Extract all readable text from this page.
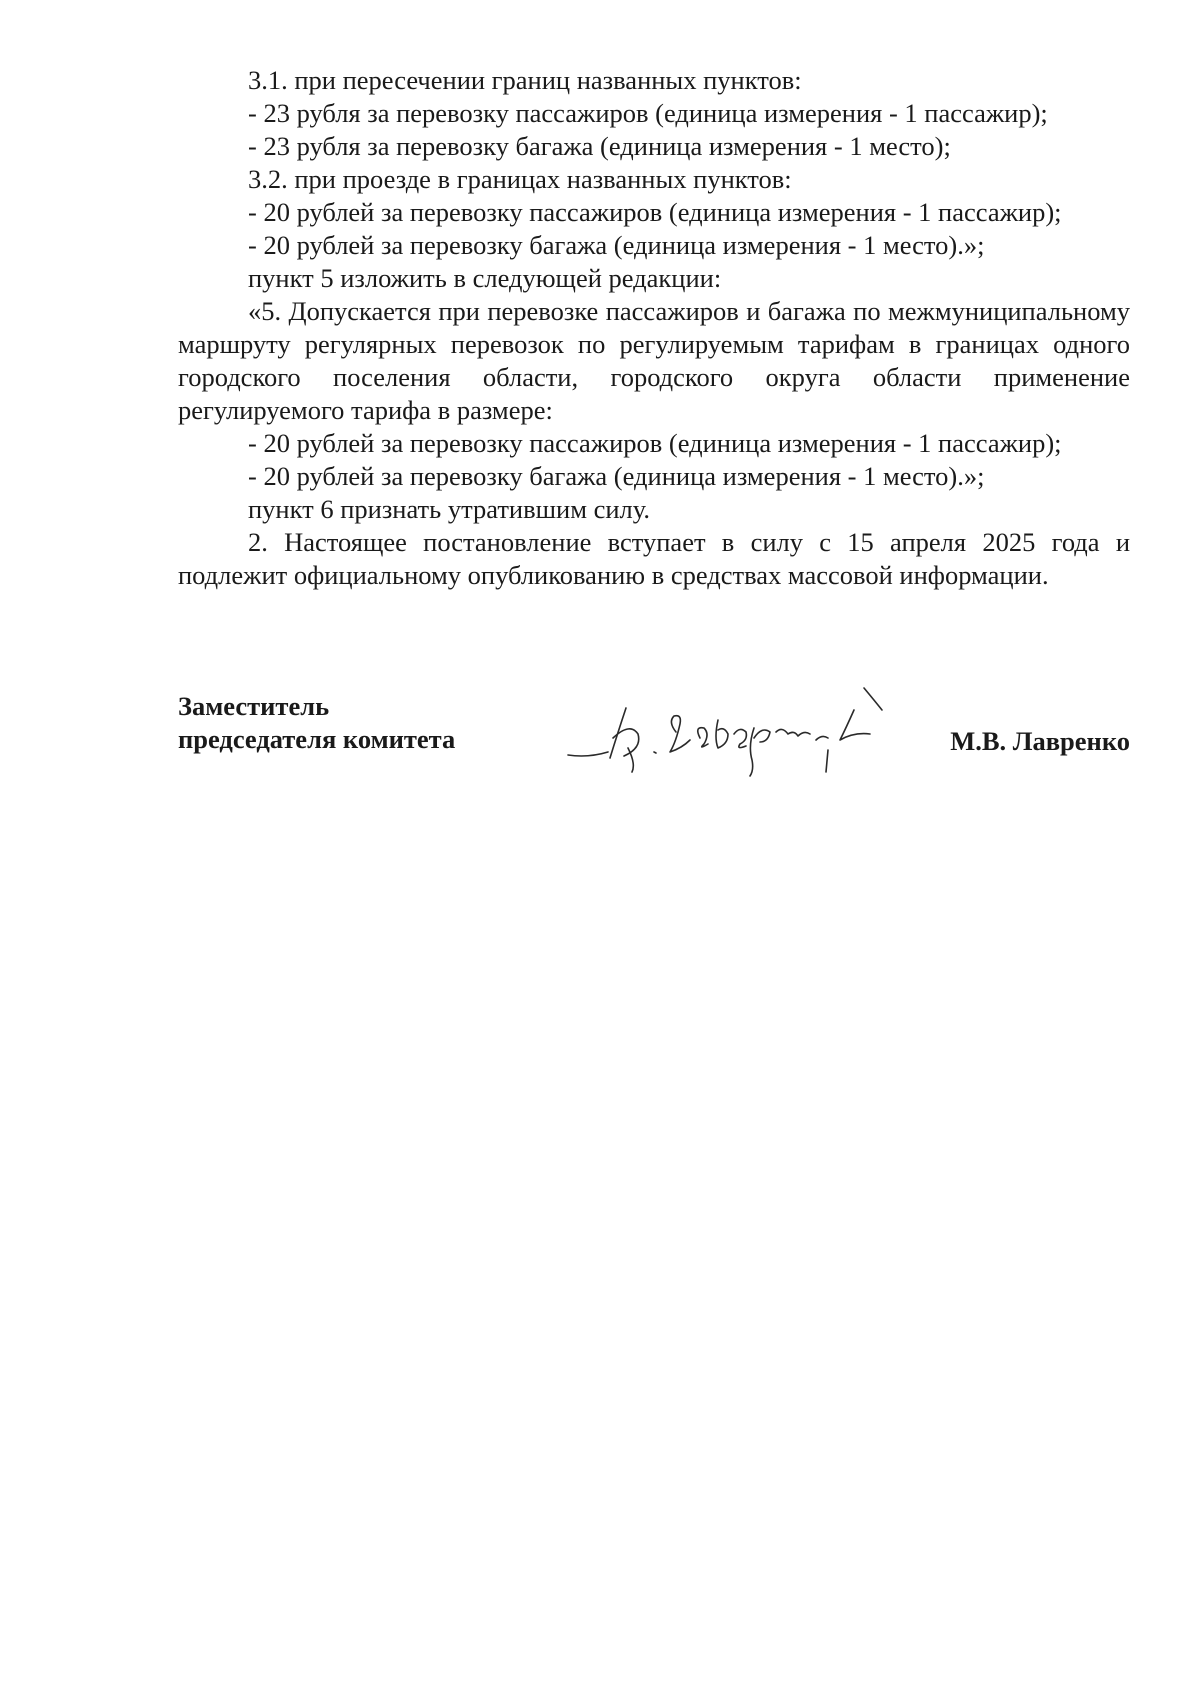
3.1. при пересечении границ названных пунктов:

- 23 рубля за перевозку пассажиров (единица измерения - 1 пассажир);

- 23 рубля за перевозку багажа (единица измерения - 1 место);

3.2. при проезде в границах названных пунктов:

- 20 рублей за перевозку пассажиров (единица измерения - 1 пассажир);

- 20 рублей за перевозку багажа (единица измерения - 1 место).»;

пункт 5 изложить в следующей редакции:

«5. Допускается при перевозке пассажиров и багажа по межмуниципальному маршруту регулярных перевозок по регулируемым тарифам в границах одного городского поселения области, городского округа области применение регулируемого тарифа в размере:

- 20 рублей за перевозку пассажиров (единица измерения - 1 пассажир);

- 20 рублей за перевозку багажа (единица измерения - 1 место).»;

пункт 6 признать утратившим силу.

2. Настоящее постановление вступает в силу с 15 апреля 2025 года и подлежит официальному опубликованию в средствах массовой информации.

Заместитель
председателя комитета	М.В. Лавренко
